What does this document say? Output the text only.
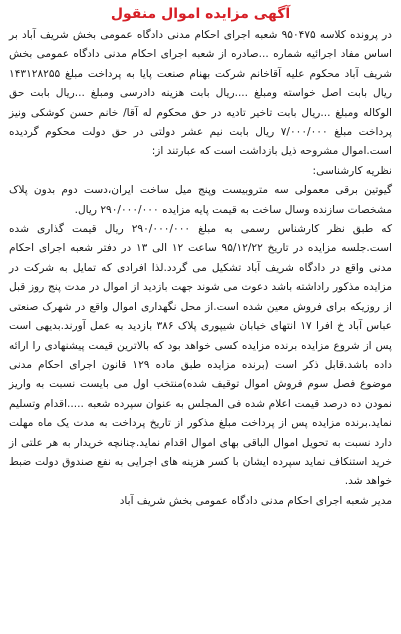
آگهی مزایده اموال منقول

در پرونده کلاسه ۹۵۰۴۷۵ شعبه اجرای احکام مدنی دادگاه عمومی بخش شریف آباد بر اساس مفاد اجرائیه شماره ...صادره از شعبه اجرای احکام مدنی دادگاه عمومی بخش شریف آباد محکوم علیه آقاخانم شرکت بهنام صنعت پایا به پرداخت مبلغ ۱۴۳۱۲۸۲۵۵ ریال بابت اصل خواسته ومبلغ ....ریال بابت هزینه دادرسی ومبلغ ...ریال بابت حق الوکاله ومبلغ ...ریال بابت تاخیر تادیه در حق محکوم له آقا/ خانم حسن کوشکی ونیز پرداخت مبلغ ۷/۰۰۰/۰۰۰ ریال بابت نیم عشر دولتی در حق دولت محکوم گردیده است.اموال مشروحه ذیل بازداشت است که عبارتند از:

نظریه کارشناسی:

گیوتین برقی معمولی سه متروبیست وپنج میل ساخت ایران،دست دوم بدون پلاک مشخصات سازنده وسال ساخت به قیمت پایه مزایده ۲۹۰/۰۰۰/۰۰۰ ریال.

که طبق نظر کارشناس رسمی به مبلغ ۲۹۰/۰۰۰/۰۰۰ ریال قیمت گذاری شده است.جلسه مزایده در تاریخ ۹۵/۱۲/۲۲ ساعت ۱۲ الی ۱۳ در دفتر شعبه اجرای احکام مدنی واقع در دادگاه شریف آباد تشکیل می گردد.لذا افرادی که تمایل به شرکت در مزایده مذکور راداشته باشد دعوت می شوند جهت بازدید از اموال در مدت پنج روز قبل از روزیکه برای فروش معین شده است.از محل نگهداری اموال واقع در شهرک صنعتی عباس آباد خ افرا ۱۷ انتهای خیابان شیپوری پلاک ۳۸۶ بازدید به عمل آورند.بدیهی است پس از شروع مزایده برنده مزایده کسی خواهد بود که بالاترین قیمت پیشنهادی را ارائه داده باشد.قابل ذکر است (برنده مزایده طبق ماده ۱۲۹ قانون اجرای احکام مدنی موضوع فصل سوم فروش اموال توقیف شده)منتخب اول می بایست نسبت به واریز نمودن ده درصد قیمت اعلام شده فی المجلس به عنوان سپرده شعبه .....اقدام وتسلیم نماید.برنده مزایده پس از پرداخت مبلغ مذکور از تاریخ پرداخت به مدت یک ماه مهلت دارد نسبت به تحویل اموال الباقی بهای اموال اقدام نماید.چنانچه خریدار به هر علتی از خرید استنکاف نماید سپرده ایشان با کسر هزینه های اجرایی به نفع صندوق دولت ضبط خواهد شد.

مدیر شعبه اجرای احکام مدنی دادگاه عمومی بخش شریف آباد
